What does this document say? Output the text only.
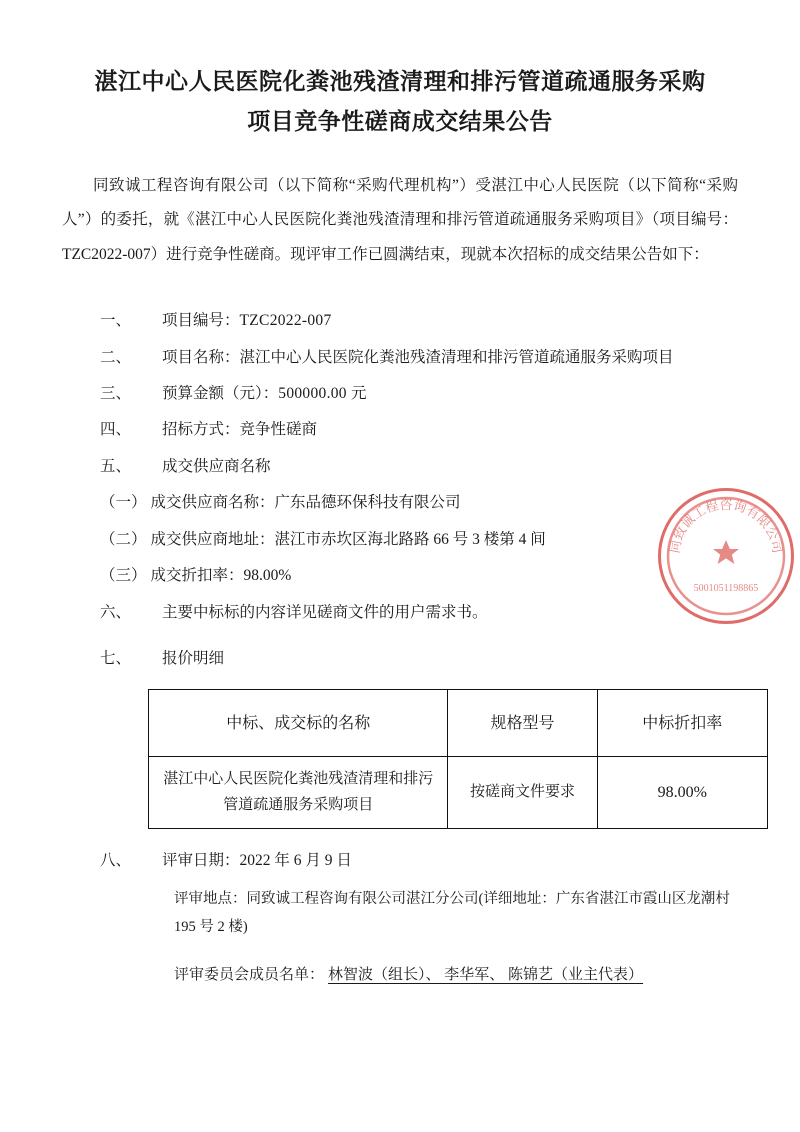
湛江中心人民医院化粪池残渣清理和排污管道疏通服务采购
项目竞争性磋商成交结果公告

同致诚工程咨询有限公司（以下简称“采购代理机构”）受湛江中心人民医院（以下简称“采购人”）的委托，就《湛江中心人民医院化粪池残渣清理和排污管道疏通服务采购项目》（项目编号：TZC2022-007）进行竞争性磋商。现评审工作已圆满结束，现就本次招标的成交结果公告如下：

一、	项目编号：TZC2022-007
二、	项目名称：湛江中心人民医院化粪池残渣清理和排污管道疏通服务采购项目
三、	预算金额（元）：500000.00 元
四、	招标方式：竞争性磋商
五、	成交供应商名称
（一） 成交供应商名称：广东品德环保科技有限公司
（二） 成交供应商地址：湛江市赤坎区海北路路 66 号 3 楼第 4 间
（三） 成交折扣率：98.00%
六、	主要中标标的内容详见磋商文件的用户需求书。
七、	报价明细
中标、成交标的名称	规格型号	中标折扣率
湛江中心人民医院化粪池残渣清理和排污管道疏通服务采购项目	按磋商文件要求	98.00%
八、	评审日期：2022 年 6 月 9 日
评审地点：同致诚工程咨询有限公司湛江分公司(详细地址：广东省湛江市霞山区龙潮村 195 号 2 楼)
评审委员会成员名单： 林智波（组长）、 李华军、 陈锦艺（业主代表）
同致诚工程咨询有限公司
5001051198865
